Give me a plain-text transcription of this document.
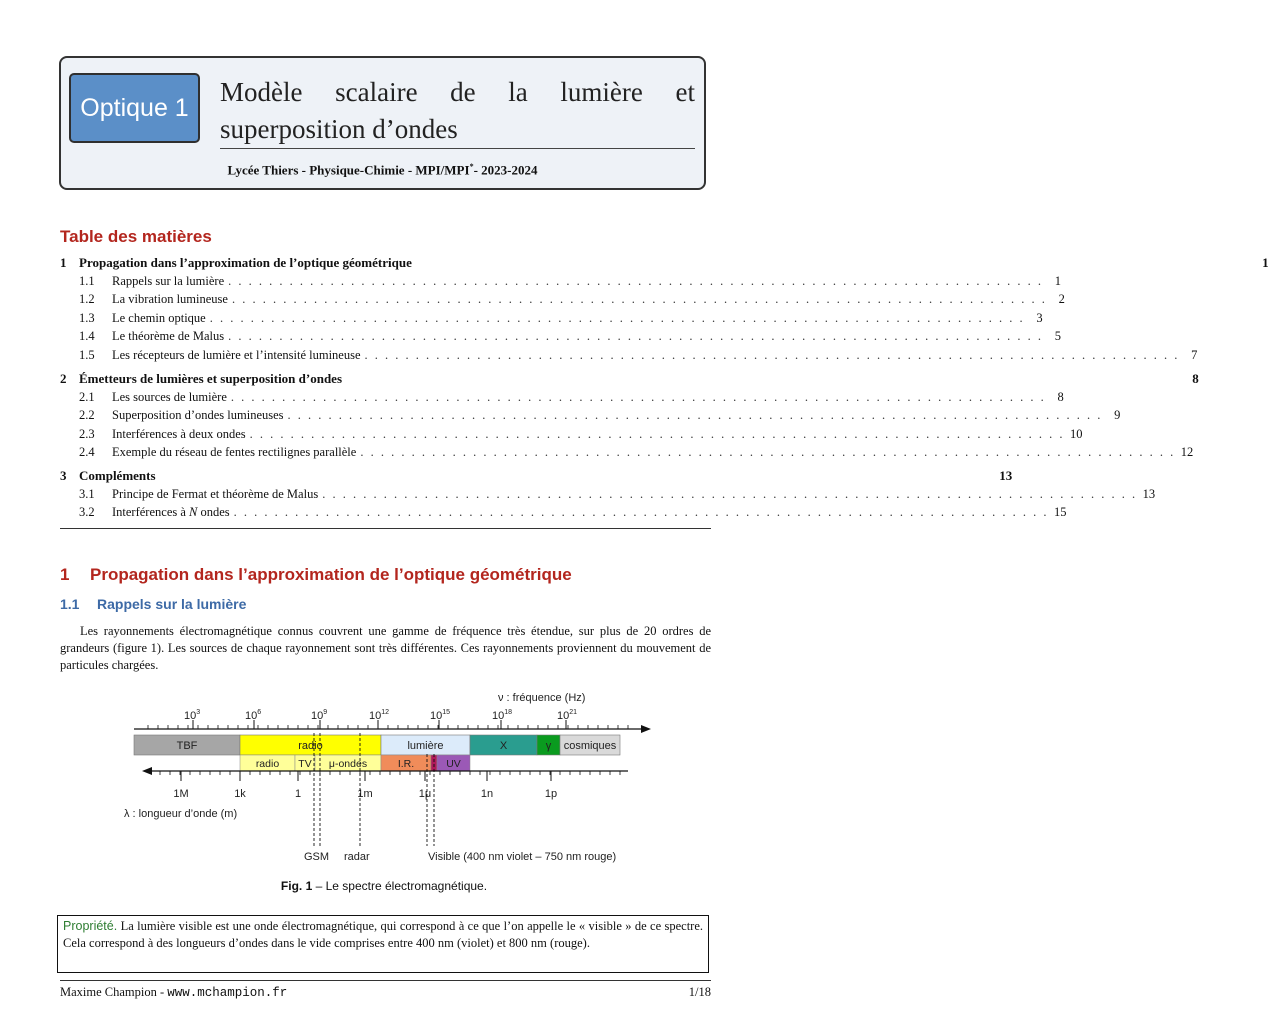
Optique 1
Modèle scalaire de la lumière et
superposition d’ondes
Lycée Thiers - Physique-Chimie - MPI/MPI*- 2023-2024
Table des matières
1 Propagation dans l’approximation de l’optique géométrique	1
1.1	Rappels sur la lumière . . . . . . . . . . . . . . . . . . . . . . . . . . . . . . . . . . . . . . . . . . . . . . . . . . . . . . . . . . . . . . . . . . . . . . . . . . . . . . . . 1
1.2	La vibration lumineuse . . . . . . . . . . . . . . . . . . . . . . . . . . . . . . . . . . . . . . . . . . . . . . . . . . . . . . . . . . . . . . . . . . . . . . . . . . . . . . . . 2
1.3	Le chemin optique . . . . . . . . . . . . . . . . . . . . . . . . . . . . . . . . . . . . . . . . . . . . . . . . . . . . . . . . . . . . . . . . . . . . . . . . . . . . . . . . 3
1.4	Le théorème de Malus . . . . . . . . . . . . . . . . . . . . . . . . . . . . . . . . . . . . . . . . . . . . . . . . . . . . . . . . . . . . . . . . . . . . . . . . . . . . . . . . 5
1.5	Les récepteurs de lumière et l’intensité lumineuse . . . . . . . . . . . . . . . . . . . . . . . . . . . . . . . . . . . . . . . . . . . . . . . . . . . . . . . . . . . . . . . . . . . . . . . . . . . . . . . . 7
2 Émetteurs de lumières et superposition d’ondes	8
2.1	Les sources de lumière . . . . . . . . . . . . . . . . . . . . . . . . . . . . . . . . . . . . . . . . . . . . . . . . . . . . . . . . . . . . . . . . . . . . . . . . . . . . . . . . 8
2.2	Superposition d’ondes lumineuses . . . . . . . . . . . . . . . . . . . . . . . . . . . . . . . . . . . . . . . . . . . . . . . . . . . . . . . . . . . . . . . . . . . . . . . . . . . . . . . . 9
2.3	Interférences à deux ondes . . . . . . . . . . . . . . . . . . . . . . . . . . . . . . . . . . . . . . . . . . . . . . . . . . . . . . . . . . . . . . . . . . . . . . . . . . . . . . . . 10
2.4	Exemple du réseau de fentes rectilignes parallèle . . . . . . . . . . . . . . . . . . . . . . . . . . . . . . . . . . . . . . . . . . . . . . . . . . . . . . . . . . . . . . . . . . . . . . . . . . . . . . . . 12
3 Compléments	13
3.1	Principe de Fermat et théorème de Malus . . . . . . . . . . . . . . . . . . . . . . . . . . . . . . . . . . . . . . . . . . . . . . . . . . . . . . . . . . . . . . . . . . . . . . . . . . . . . . . . 13
3.2	Interférences à N ondes . . . . . . . . . . . . . . . . . . . . . . . . . . . . . . . . . . . . . . . . . . . . . . . . . . . . . . . . . . . . . . . . . . . . . . . . . . . . . . . . 15
1 Propagation dans l’approximation de l’optique géométrique
1.1 Rappels sur la lumière
Les rayonnements électromagnétique connus couvrent une gamme de fréquence très étendue, sur plus de 20 ordres de grandeurs (figure 1). Les sources de chaque rayonnement sont très différentes. Ces rayonnements proviennent du mouvement de particules chargées.
ν : fréquence (Hz)
$10^3$	$10^6$	$10^9$	$10^{12}$	$10^{15}$	$10^{18}$	$10^{21}$
TBF	radio	lumière	X	γ cosmiques
radio TV μ-ondes	I.R.	UV
1M	1k	1	1m	1μ	1n	1p
λ : longueur d’onde (m)
GSM radar	Visible (400 nm violet – 750 nm rouge)
Fig. 1 – Le spectre électromagnétique.
Propriété. La lumière visible est une onde électromagnétique, qui correspond à ce que l’on appelle le « visible » de ce spectre. Cela correspond à des longueurs d’ondes dans le vide comprises entre 400 nm (violet) et 800 nm (rouge).
Maxime Champion - www.mchampion.fr	1/18
